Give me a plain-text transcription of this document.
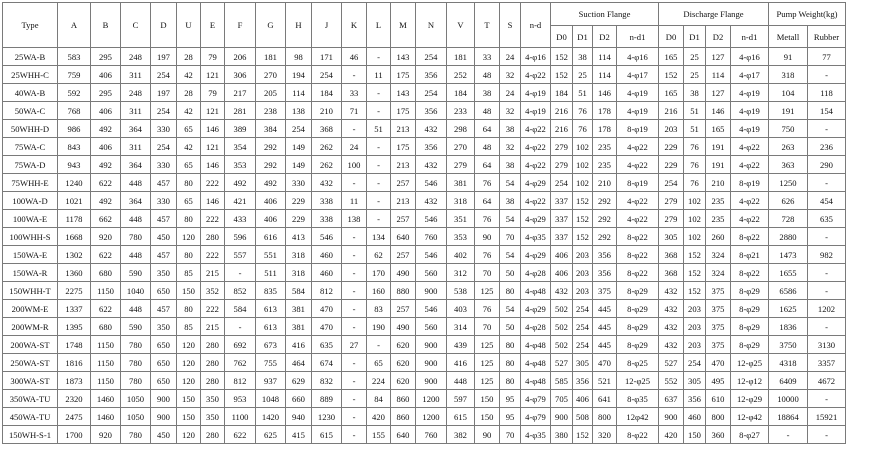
Type	A	B	C	D	U	E	F	G	H	J	K	L	M	N	V	T	S	n-d	Suction Flange				Discharge Flange				Pump Weight(kg)	
																			D0	D1	D2	n-d1	D0	D1	D2	n-d1	Metall	Rubber
25WA-B	583	295	248	197	28	79	206	181	98	171	46	-	143	254	181	33	24	4-φ16	152	38	114	4-φ16	165	25	127	4-φ16	91	77
25WHH-C	759	406	311	254	42	121	306	270	194	254	-	11	175	356	252	48	32	4-φ22	152	25	114	4-φ17	152	25	114	4-φ17	318	-
40WA-B	592	295	248	197	28	79	217	205	114	184	33	-	143	254	184	38	24	4-φ19	184	51	146	4-φ19	165	38	127	4-φ19	104	118
50WA-C	768	406	311	254	42	121	281	238	138	210	71	-	175	356	233	48	32	4-φ19	216	76	178	4-φ19	216	51	146	4-φ19	191	154
50WHH-D	986	492	364	330	65	146	389	384	254	368	-	51	213	432	298	64	38	4-φ22	216	76	178	8-φ19	203	51	165	4-φ19	750	-
75WA-C	843	406	311	254	42	121	354	292	149	262	24	-	175	356	270	48	32	4-φ22	279	102	235	4-φ22	229	76	191	4-φ22	263	236
75WA-D	943	492	364	330	65	146	353	292	149	262	100	-	213	432	279	64	38	4-φ22	279	102	235	4-φ22	229	76	191	4-φ22	363	290
75WHH-E	1240	622	448	457	80	222	492	492	330	432	-	-	257	546	381	76	54	4-φ29	254	102	210	8-φ19	254	76	210	8-φ19	1250	-
100WA-D	1021	492	364	330	65	146	421	406	229	338	11	-	213	432	318	64	38	4-φ22	337	152	292	4-φ22	279	102	235	4-φ22	626	454
100WA-E	1178	662	448	457	80	222	433	406	229	338	138	-	257	546	351	76	54	4-φ29	337	152	292	4-φ22	279	102	235	4-φ22	728	635
100WHH-S	1668	920	780	450	120	280	596	616	413	546	-	134	640	760	353	90	70	4-φ35	337	152	292	8-φ22	305	102	260	8-φ22	2880	-
150WA-E	1302	622	448	457	80	222	557	551	318	460	-	62	257	546	402	76	54	4-φ29	406	203	356	8-φ22	368	152	324	8-φ21	1473	982
150WA-R	1360	680	590	350	85	215	-	511	318	460	-	170	490	560	312	70	50	4-φ28	406	203	356	8-φ22	368	152	324	8-φ22	1655	-
150WHH-T	2275	1150	1040	650	150	352	852	835	584	812	-	160	880	900	538	125	80	4-φ48	432	203	375	8-φ29	432	152	375	8-φ29	6586	-
200WM-E	1337	622	448	457	80	222	584	613	381	470	-	83	257	546	403	76	54	4-φ29	502	254	445	8-φ29	432	203	375	8-φ29	1625	1202
200WM-R	1395	680	590	350	85	215	-	613	381	470	-	190	490	560	314	70	50	4-φ28	502	254	445	8-φ29	432	203	375	8-φ29	1836	-
200WA-ST	1748	1150	780	650	120	280	692	673	416	635	27	-	620	900	439	125	80	4-φ48	502	254	445	8-φ29	432	203	375	8-φ29	3750	3130
250WA-ST	1816	1150	780	650	120	280	762	755	464	674	-	65	620	900	416	125	80	4-φ48	527	305	470	8-φ25	527	254	470	12-φ25	4318	3357
300WA-ST	1873	1150	780	650	120	280	812	937	629	832	-	224	620	900	448	125	80	4-φ48	585	356	521	12-φ25	552	305	495	12-φ12	6409	4672
350WA-TU	2320	1460	1050	900	150	350	953	1048	660	889	-	84	860	1200	597	150	95	4-φ79	705	406	641	8-φ35	637	356	610	12-φ29	10000	-
450WA-TU	2475	1460	1050	900	150	350	1100	1420	940	1230	-	420	860	1200	615	150	95	4-φ79	900	508	800	12φ42	900	460	800	12-φ42	18864	15921
150WH-S-1	1700	920	780	450	120	280	622	625	415	615	-	155	640	760	382	90	70	4-φ35	380	152	320	8-φ22	420	150	360	8-φ27	-	-
